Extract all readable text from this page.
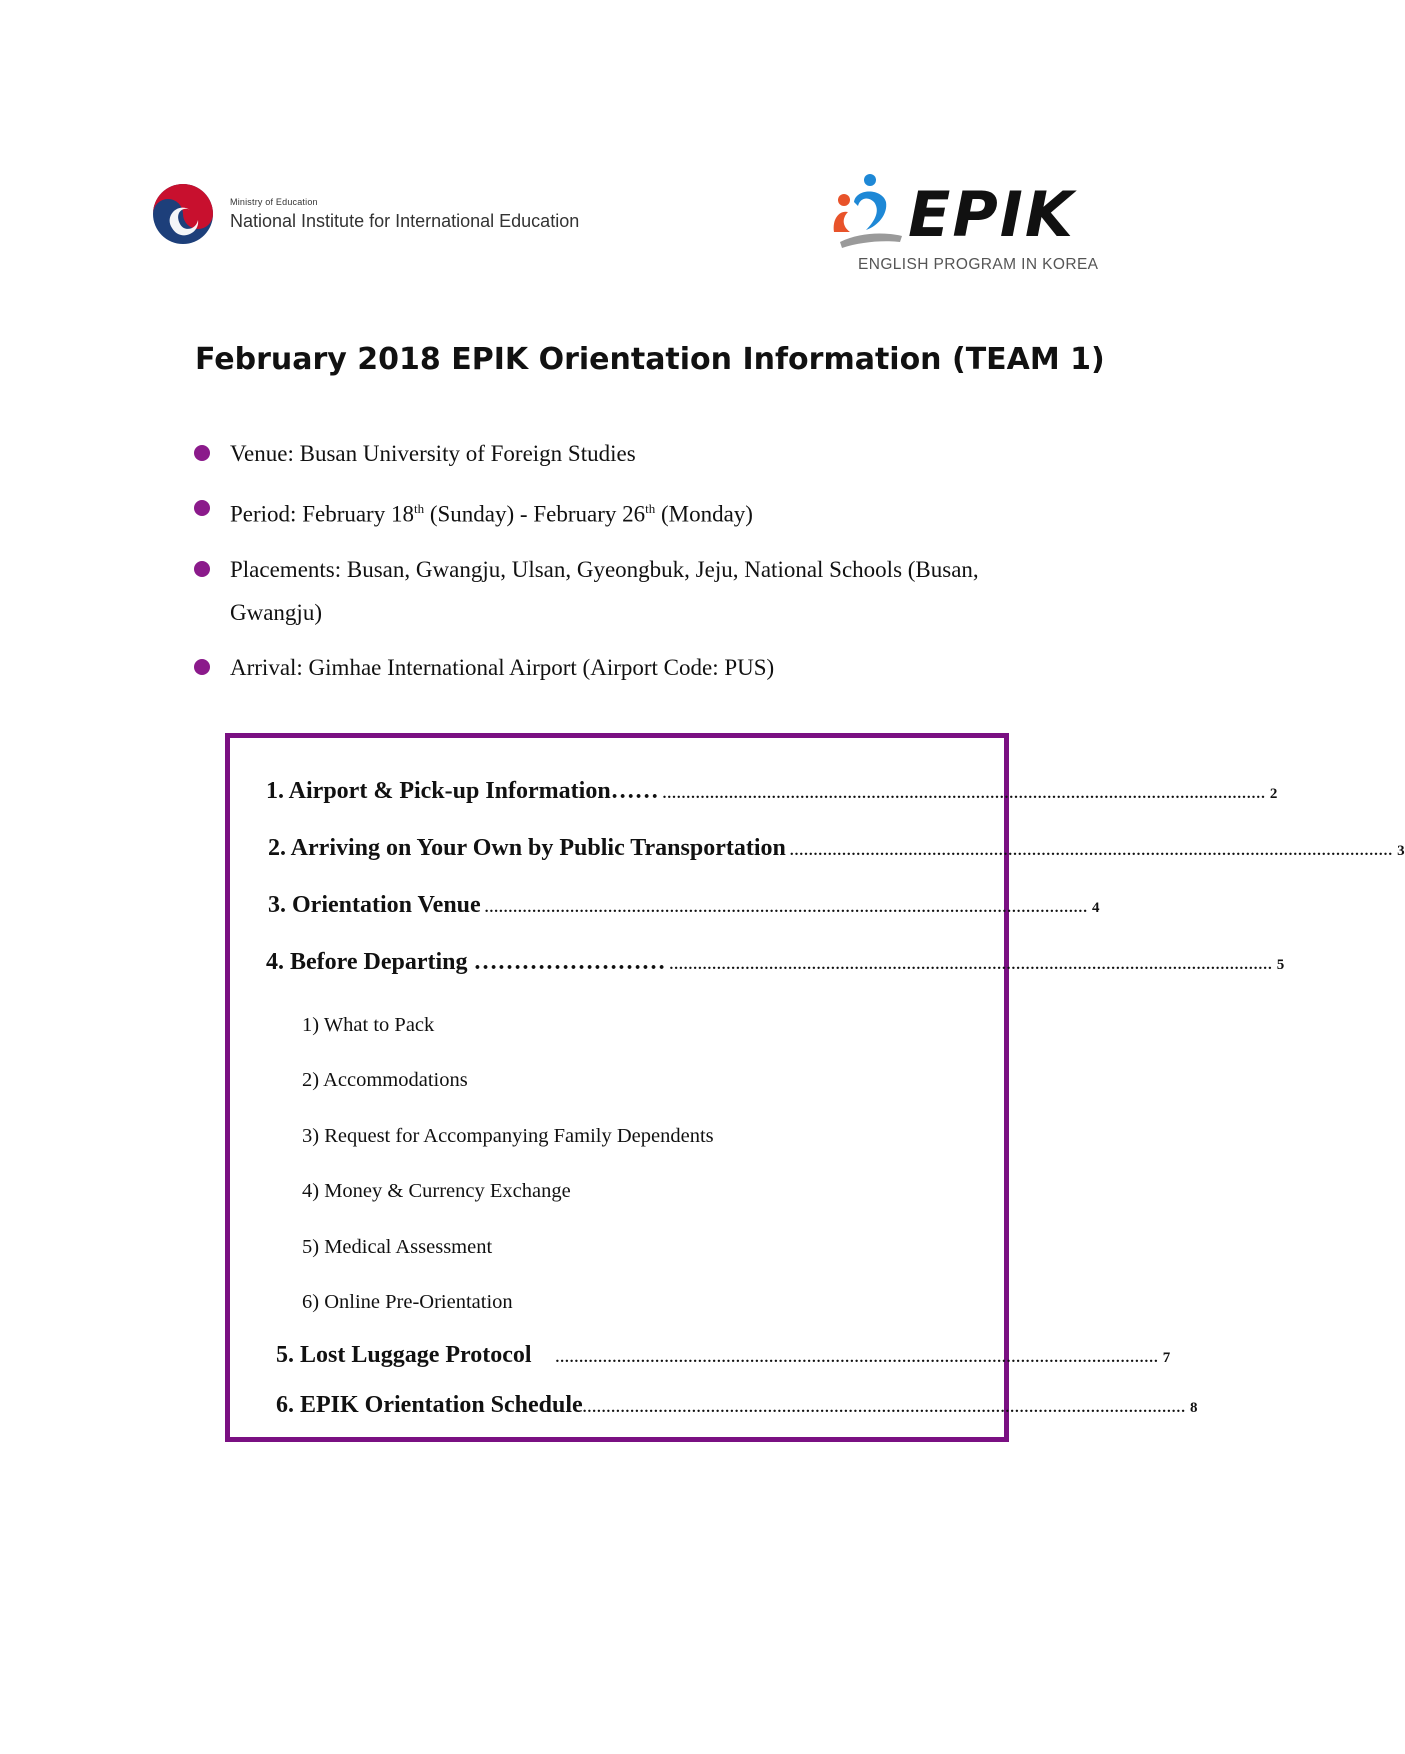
Ministry of Education
National Institute for International Education	EPIK
ENGLISH PROGRAM IN KOREA
February 2018 EPIK Orientation Information (TEAM 1)
Venue: Busan University of Foreign Studies
Period: February 18th (Sunday) - February 26th (Monday)
Placements: Busan, Gwangju, Ulsan, Gyeongbuk, Jeju, National Schools (Busan,
Gwangju)
Arrival: Gimhae International Airport (Airport Code: PUS)
1. Airport & Pick-up Information…… ............................................................................................................................... 2
2. Arriving on Your Own by Public Transportation ............................................................................................................................... 3
3. Orientation Venue ............................................................................................................................... 4
4. Before Departing …………………… ............................................................................................................................... 5
1) What to Pack
2) Accommodations
3) Request for Accompanying Family Dependents
4) Money & Currency Exchange
5) Medical Assessment
6) Online Pre-Orientation
5. Lost Luggage Protocol ............................................................................................................................... 7
6. EPIK Orientation Schedule ............................................................................................................................... 8
